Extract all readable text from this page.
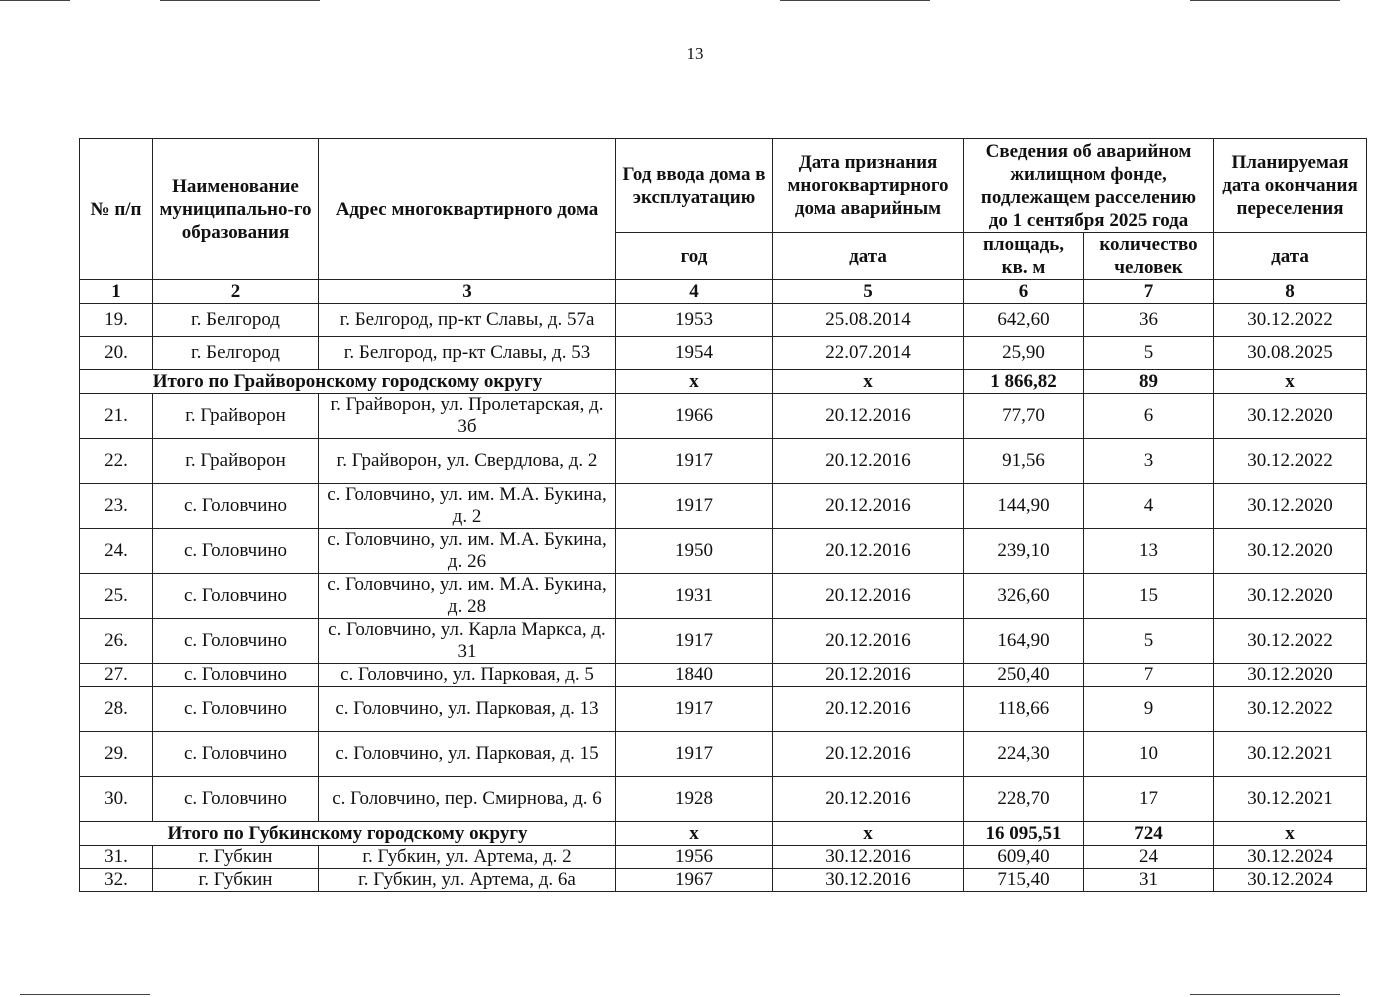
13
№ п/п	Наименование муниципально-го образования	Адрес многоквартирного дома	Год ввода дома в эксплуатацию	Дата признания многоквартирного дома аварийным	Сведения об аварийном жилищном фонде, подлежащем расселению до 1 сентября 2025 года		Планируемая дата окончания переселения
			год	дата	площадь, кв. м	количество человек	дата
1	2	3	4	5	6	7	8
19.	г. Белгород	г. Белгород, пр-кт Славы, д. 57а	1953	25.08.2014	642,60	36	30.12.2022
20.	г. Белгород	г. Белгород, пр-кт Славы, д. 53	1954	22.07.2014	25,90	5	30.08.2025
Итого по Грайворонскому городскому округу			х	х	1 866,82	89	х
21.	г. Грайворон	г. Грайворон, ул. Пролетарская, д. 3б	1966	20.12.2016	77,70	6	30.12.2020
22.	г. Грайворон	г. Грайворон, ул. Свердлова, д. 2	1917	20.12.2016	91,56	3	30.12.2022
23.	с. Головчино	с. Головчино, ул. им. М.А. Букина, д. 2	1917	20.12.2016	144,90	4	30.12.2020
24.	с. Головчино	с. Головчино, ул. им. М.А. Букина, д. 26	1950	20.12.2016	239,10	13	30.12.2020
25.	с. Головчино	с. Головчино, ул. им. М.А. Букина, д. 28	1931	20.12.2016	326,60	15	30.12.2020
26.	с. Головчино	с. Головчино, ул. Карла Маркса, д. 31	1917	20.12.2016	164,90	5	30.12.2022
27.	с. Головчино	с. Головчино, ул. Парковая, д. 5	1840	20.12.2016	250,40	7	30.12.2020
28.	с. Головчино	с. Головчино, ул. Парковая, д. 13	1917	20.12.2016	118,66	9	30.12.2022
29.	с. Головчино	с. Головчино, ул. Парковая, д. 15	1917	20.12.2016	224,30	10	30.12.2021
30.	с. Головчино	с. Головчино, пер. Смирнова, д. 6	1928	20.12.2016	228,70	17	30.12.2021
Итого по Губкинскому городскому округу			х	х	16 095,51	724	х
31.	г. Губкин	г. Губкин, ул. Артема, д. 2	1956	30.12.2016	609,40	24	30.12.2024
32.	г. Губкин	г. Губкин, ул. Артема, д. 6а	1967	30.12.2016	715,40	31	30.12.2024
